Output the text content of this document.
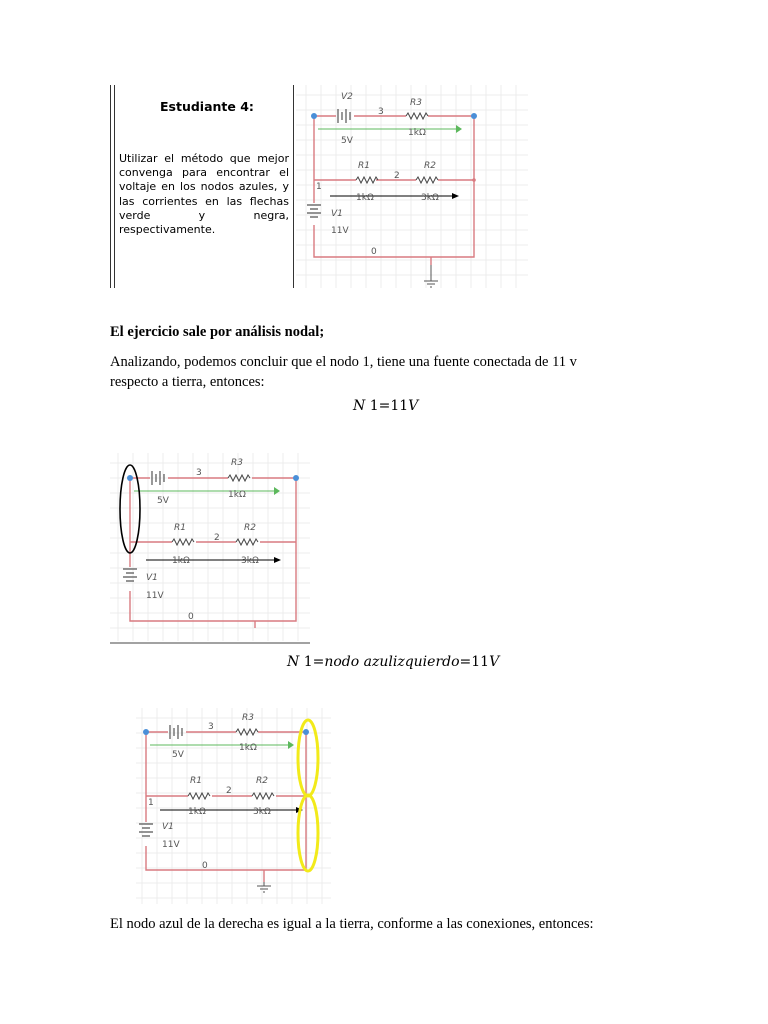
Estudiante 4:
Utilizar el método que mejor convenga para encontrar el voltaje en los nodos azules, y las corrientes en las flechas verde y negra, respectivamente.
V2
3
R3
1kΩ
5V
R1
2
R2
1
1kΩ	3kΩ
V1
11V
0
El ejercicio sale por análisis nodal;
Analizando, podemos concluir que el nodo 1, tiene una fuente conectada de 11 v
respecto a tierra, entonces:
N 1=11V
3
R3
1kΩ
5V
R1
2
R2
1kΩ	3kΩ
V1
11V
0
N 1=nodo azulizquierdo=11V
3
R3
1kΩ
5V
R1
2
R2
1
1kΩ	3kΩ
V1
11V
0
El nodo azul de la derecha es igual a la tierra, conforme a las conexiones, entonces:
